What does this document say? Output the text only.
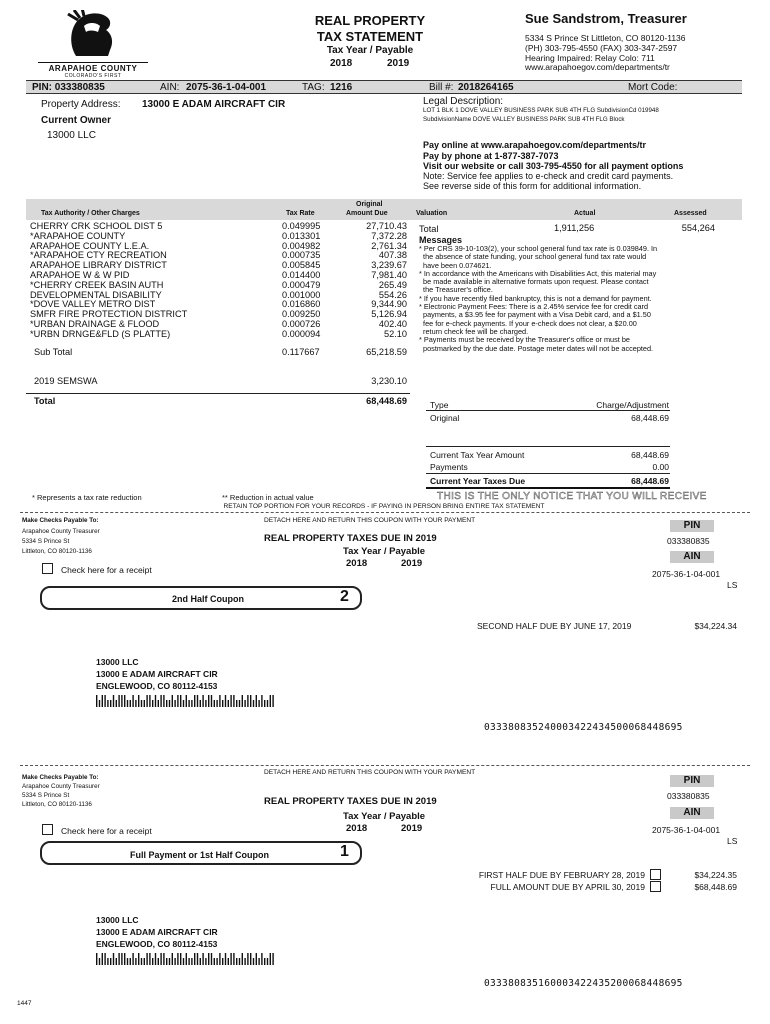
ARAPAHOE COUNTY
COLORADO'S FIRST
REAL PROPERTY
TAX STATEMENT
Tax Year / Payable
2018	2019
Sue Sandstrom, Treasurer
5334 S Prince St Littleton, CO 80120-1136
(PH) 303-795-4550 (FAX) 303-347-2597
Hearing Impaired: Relay Colo: 711
www.arapahoegov.com/departments/tr
PIN: 033380835	AIN: 2075-36-1-04-001	TAG: 1216	Bill #: 2018264165	Mort Code:
Property Address: 13000 E ADAM AIRCRAFT CIR
Current Owner
13000 LLC
Legal Description:
LOT 1 BLK 1 DOVE VALLEY BUSINESS PARK SUB 4TH FLG SubdivisionCd 019948
SubdivisionName DOVE VALLEY BUSINESS PARK SUB 4TH FLG Block
Pay online at www.arapahoegov.com/departments/tr
Pay by phone at 1-877-387-7073
Visit our website or call 303-795-4550 for all payment options
Note: Service fee applies to e-check and credit card payments.
See reverse side of this form for additional information.
Original
Tax Authority / Other Charges	Tax Rate	Amount Due	Valuation	Actual	Assessed
CHERRY CRK SCHOOL DIST 5	0.049995	27,710.43
*ARAPAHOE COUNTY	0.013301	7,372.28
ARAPAHOE COUNTY L.E.A.	0.004982	2,761.34
*ARAPAHOE CTY RECREATION	0.000735	407.38
ARAPAHOE LIBRARY DISTRICT	0.005845	3,239.67
ARAPAHOE W & W PID	0.014400	7,981.40
*CHERRY CREEK BASIN AUTH	0.000479	265.49
DEVELOPMENTAL DISABILITY	0.001000	554.26
*DOVE VALLEY METRO DIST	0.016860	9,344.90
SMFR FIRE PROTECTION DISTRICT	0.009250	5,126.94
*URBAN DRAINAGE & FLOOD	0.000726	402.40
*URBN DRNGE&FLD (S PLATTE)	0.000094	52.10
Sub Total	0.117667	65,218.59
2019 SEMSWA	3,230.10
Total	68,448.69
Total	1,911,256	554,264
Messages
* Per CRS 39-10-103(2), your school general fund tax rate is 0.039849. In
the absence of state funding, your school general fund tax rate would
have been 0.074621.
* In accordance with the Americans with Disabilities Act, this material may
be made available in alternative formats upon request. Please contact
the Treasurer's office.
* If you have recently filed bankruptcy, this is not a demand for payment.
* Electronic Payment Fees: There is a 2.45% service fee for credit card
payments, a $3.95 fee for payment with a Visa Debit card, and a $1.50
fee for e-check payments. If your e-check does not clear, a $20.00
return check fee will be charged.
* Payments must be received by the Treasurer's office or must be
postmarked by the due date. Postage meter dates will not be accepted.
Type	Charge/Adjustment
Original	68,448.69
Current Tax Year Amount	68,448.69
Payments	0.00
Current Year Taxes Due	68,448.69
* Represents a tax rate reduction	** Reduction in actual value	THIS IS THE ONLY NOTICE THAT YOU WILL RECEIVE
RETAIN TOP PORTION FOR YOUR RECORDS - IF PAYING IN PERSON BRING ENTIRE TAX STATEMENT
Make Checks Payable To:
Arapahoe County Treasurer
5334 S Prince St
Littleton, CO 80120-1136
DETACH HERE AND RETURN THIS COUPON WITH YOUR PAYMENT
REAL PROPERTY TAXES DUE IN 2019
Tax Year / Payable
2018	2019
PIN
033380835
AIN
2075-36-1-04-001
LS
Check here for a receipt
2nd Half Coupon	2
SECOND HALF DUE BY JUNE 17, 2019	$34,224.34
13000 LLC
13000 E ADAM AIRCRAFT CIR
ENGLEWOOD, CO 80112-4153
033380835240003422434500068448695
DETACH HERE AND RETURN THIS COUPON WITH YOUR PAYMENT
Make Checks Payable To:
Arapahoe County Treasurer
5334 S Prince St
Littleton, CO 80120-1136	REAL PROPERTY TAXES DUE IN 2019
Tax Year / Payable
2018	2019
PIN
033380835
AIN
2075-36-1-04-001
LS
Check here for a receipt
Full Payment or 1st Half Coupon	1
FIRST HALF DUE BY FEBRUARY 28, 2019	$34,224.35
FULL AMOUNT DUE BY APRIL 30, 2019	$68,448.69
13000 LLC
13000 E ADAM AIRCRAFT CIR
ENGLEWOOD, CO 80112-4153
033380835160003422435200068448695
1447
